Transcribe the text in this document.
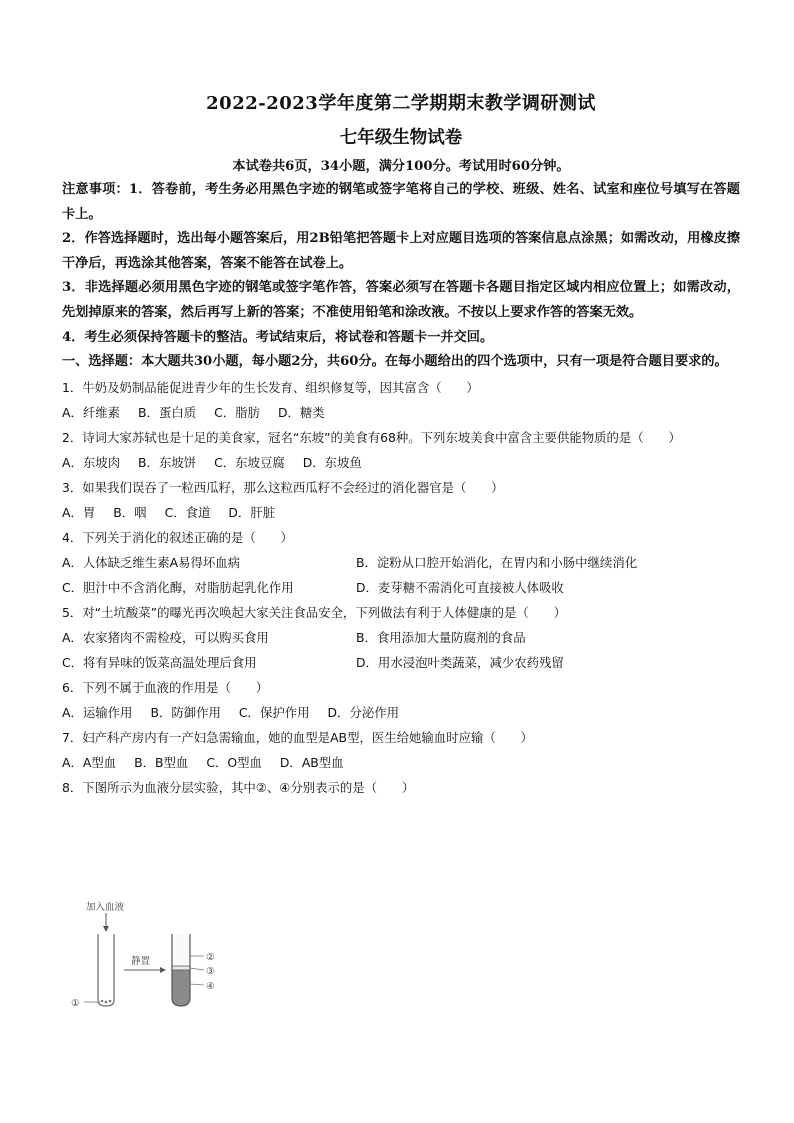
2022-2023学年度第二学期期末教学调研测试
七年级生物试卷
本试卷共6页，34小题，满分100分。考试用时60分钟。

注意事项：1．答卷前，考生务必用黑色字迹的钢笔或签字笔将自己的学校、班级、姓名、试室和座位号填写在答题卡上。

2．作答选择题时，选出每小题答案后，用2B铅笔把答题卡上对应题目选项的答案信息点涂黑；如需改动，用橡皮擦干净后，再选涂其他答案，答案不能答在试卷上。

3．非选择题必须用黑色字迹的钢笔或签字笔作答，答案必须写在答题卡各题目指定区域内相应位置上；如需改动，先划掉原来的答案，然后再写上新的答案；不准使用铅笔和涂改液。不按以上要求作答的答案无效。

4．考生必须保持答题卡的整洁。考试结束后，将试卷和答题卡一并交回。

一、选择题：本大题共30小题，每小题2分，共60分。在每小题给出的四个选项中，只有一项是符合题目要求的。

1．牛奶及奶制品能促进青少年的生长发育、组织修复等，因其富含（　　）

A．纤维素 B．蛋白质 C．脂肪 D．糖类

2．诗词大家苏轼也是十足的美食家，冠名“东坡”的美食有68种。下列东坡美食中富含主要供能物质的是（　　）

A．东坡肉 B．东坡饼 C．东坡豆腐 D．东坡鱼

3．如果我们误吞了一粒西瓜籽，那么这粒西瓜籽不会经过的消化器官是（　　）

A．胃 B．咽 C．食道 D．肝脏

4．下列关于消化的叙述正确的是（　　）

A．人体缺乏维生素A易得坏血病	B．淀粉从口腔开始消化，在胃内和小肠中继续消化

C．胆汁中不含消化酶，对脂肪起乳化作用	D．麦芽糖不需消化可直接被人体吸收

5．对“土坑酸菜”的曝光再次唤起大家关注食品安全，下列做法有利于人体健康的是（　　）

A．农家猪肉不需检疫，可以购买食用	B．食用添加大量防腐剂的食品

C．将有异味的饭菜高温处理后食用	D．用水浸泡叶类蔬菜，减少农药残留

6．下列不属于血液的作用是（　　）

A．运输作用 B．防御作用 C．保护作用 D．分泌作用

7．妇产科产房内有一产妇急需输血，她的血型是AB型，医生给她输血时应输（　　）

A．A型血 B．B型血 C．O型血 D．AB型血

8．下图所示为血液分层实验，其中②、④分别表示的是（　　）

加入血液
①
静置	②
③
④
